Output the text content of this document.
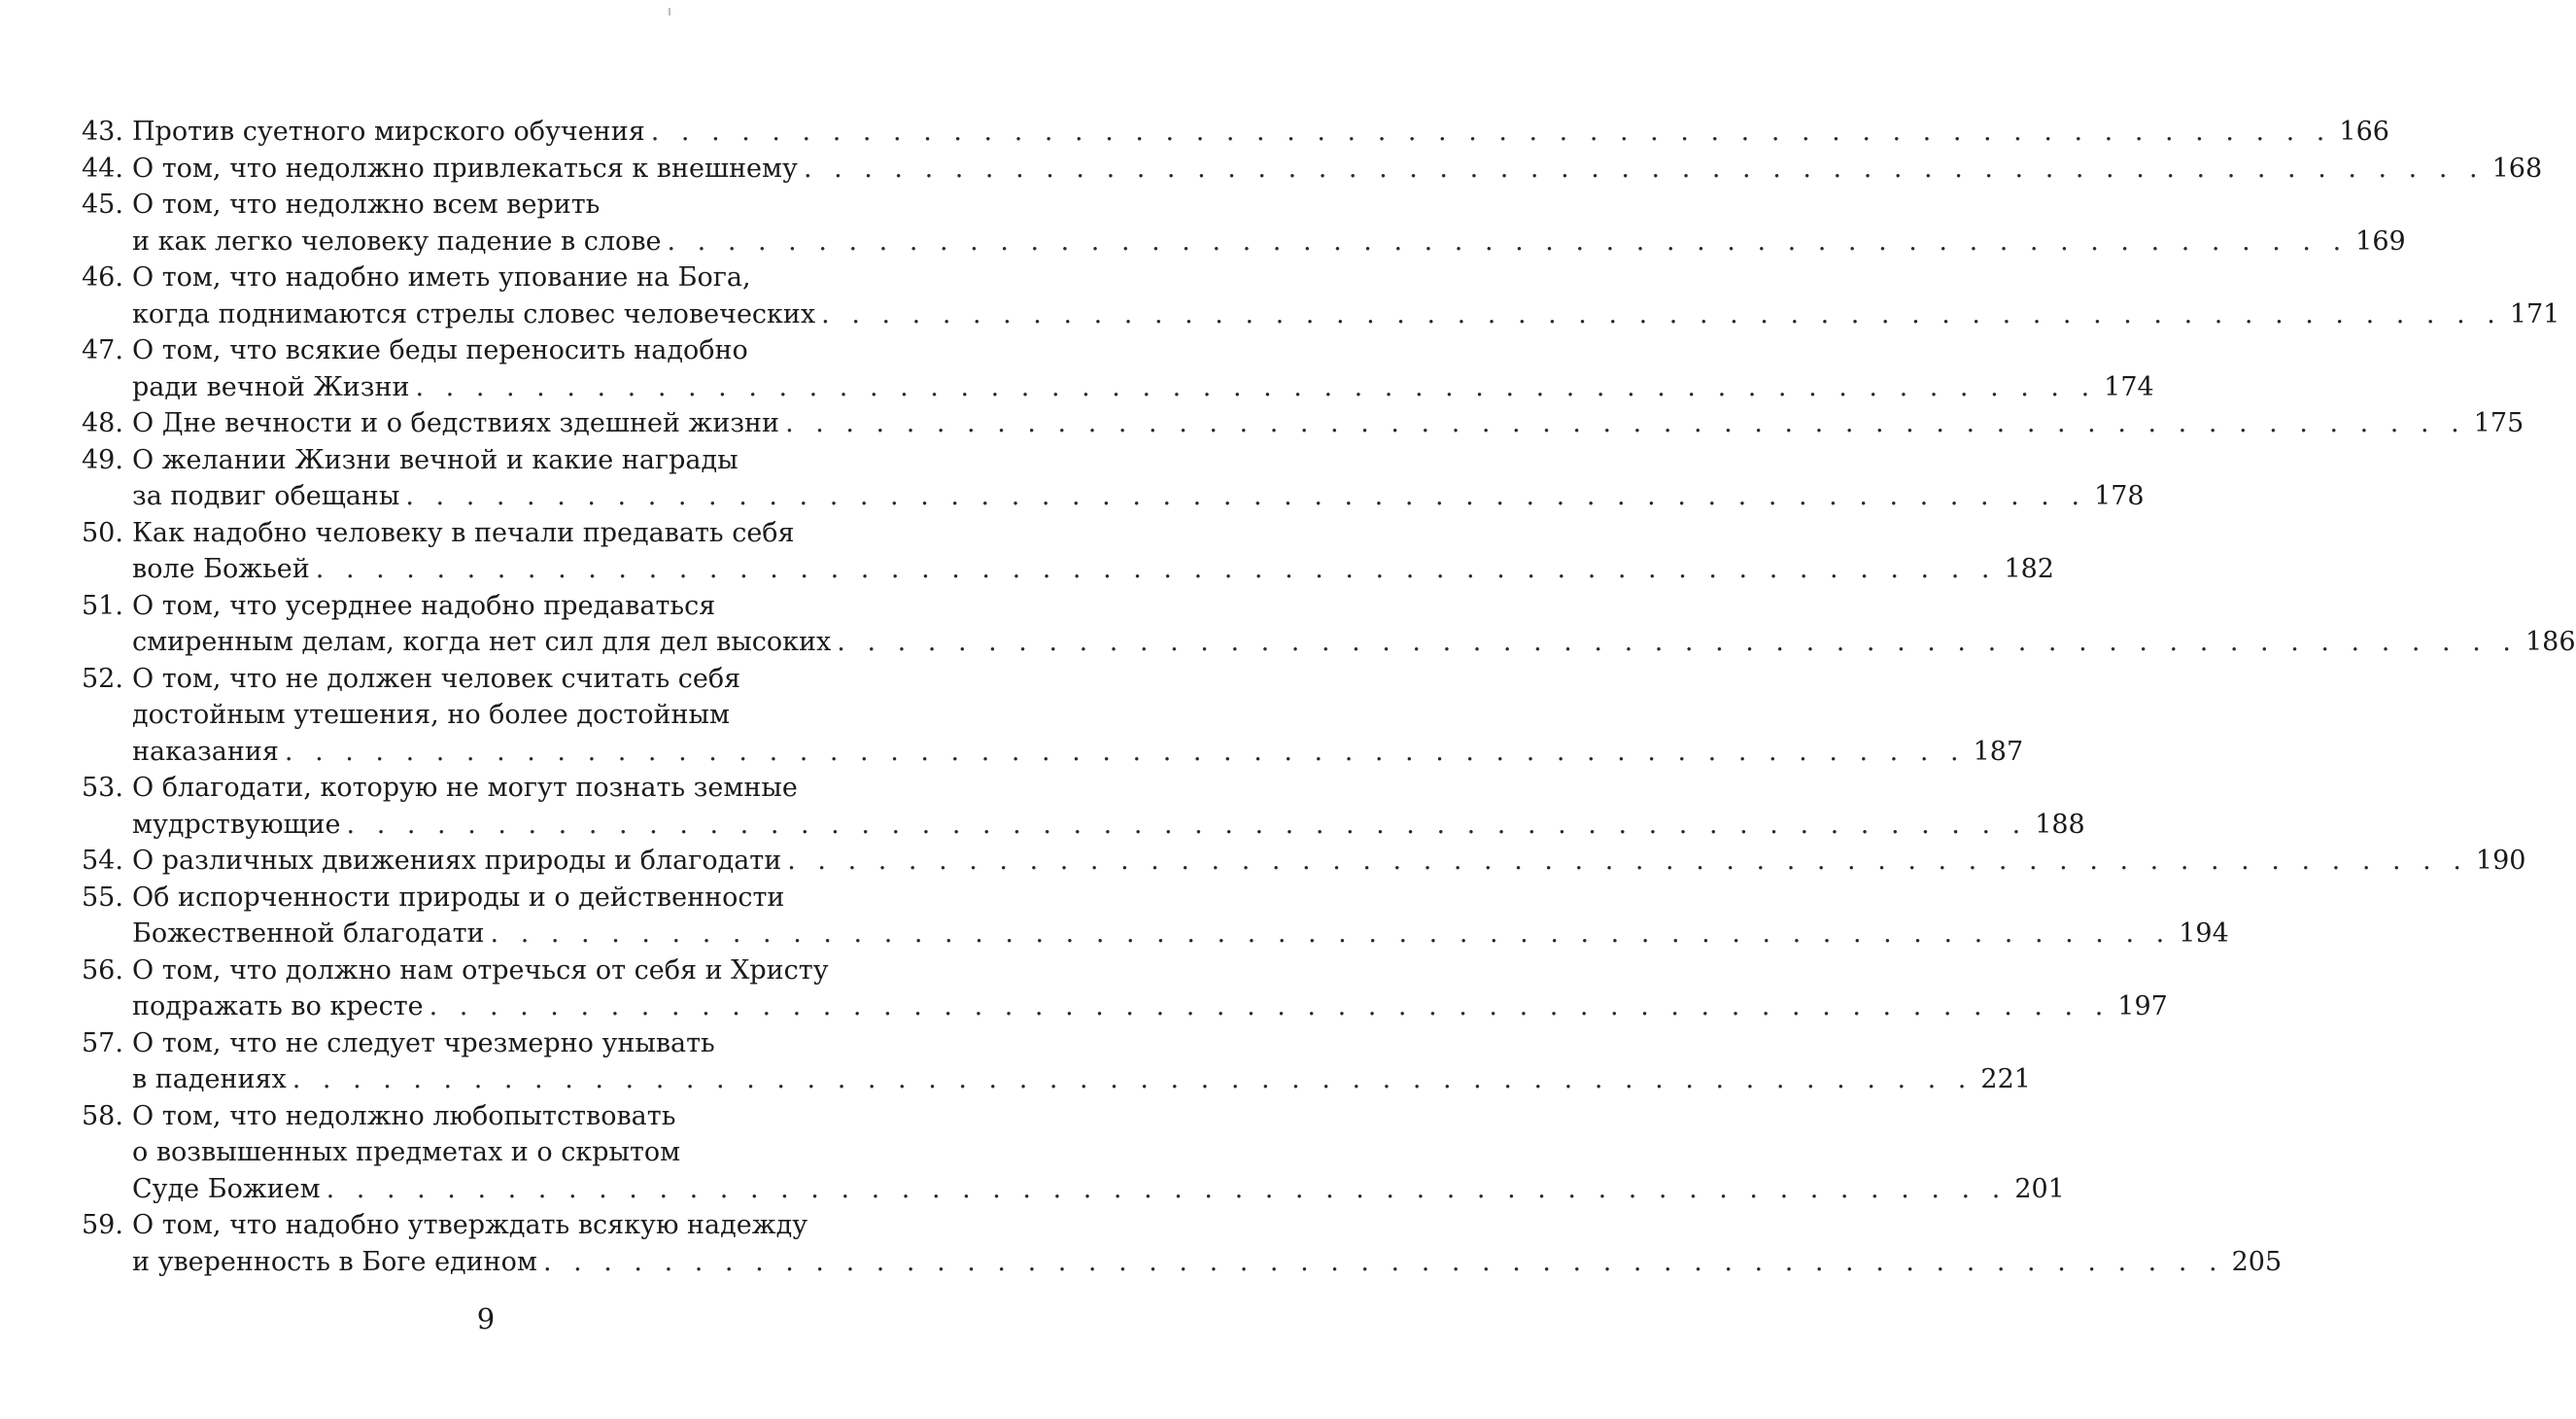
43. Против суетного мирского обучения . . . . . . . . . . . . . . . . . . . . . . . . . . . . . . . . . . . . . . . . . . . . . . . . . . . . . . . . 166
44. О том, что недолжно привлекаться к внешнему . . . . . . . . . . . . . . . . . . . . . . . . . . . . . . . . . . . . . . . . . . . . . . . . . . . . . . . . 168
45. О том, что недолжно всем верить
и как легко человеку падение в слове . . . . . . . . . . . . . . . . . . . . . . . . . . . . . . . . . . . . . . . . . . . . . . . . . . . . . . . . 169
46. О том, что надобно иметь упование на Бога,
когда поднимаются стрелы словес человеческих . . . . . . . . . . . . . . . . . . . . . . . . . . . . . . . . . . . . . . . . . . . . . . . . . . . . . . . . 171
47. О том, что всякие беды переносить надобно
ради вечной Жизни . . . . . . . . . . . . . . . . . . . . . . . . . . . . . . . . . . . . . . . . . . . . . . . . . . . . . . . . 174
48. О Дне вечности и о бедствиях здешней жизни . . . . . . . . . . . . . . . . . . . . . . . . . . . . . . . . . . . . . . . . . . . . . . . . . . . . . . . . 175
49. О желании Жизни вечной и какие награды
за подвиг обещаны . . . . . . . . . . . . . . . . . . . . . . . . . . . . . . . . . . . . . . . . . . . . . . . . . . . . . . . . 178
50. Как надобно человеку в печали предавать себя
воле Божьей . . . . . . . . . . . . . . . . . . . . . . . . . . . . . . . . . . . . . . . . . . . . . . . . . . . . . . . . 182
51. О том, что усерднее надобно предаваться
смиренным делам, когда нет сил для дел высоких . . . . . . . . . . . . . . . . . . . . . . . . . . . . . . . . . . . . . . . . . . . . . . . . . . . . . . . . 186
52. О том, что не должен человек считать себя
достойным утешения, но более достойным
наказания . . . . . . . . . . . . . . . . . . . . . . . . . . . . . . . . . . . . . . . . . . . . . . . . . . . . . . . . 187
53. О благодати, которую не могут познать земные
мудрствующие . . . . . . . . . . . . . . . . . . . . . . . . . . . . . . . . . . . . . . . . . . . . . . . . . . . . . . . . 188
54. О различных движениях природы и благодати . . . . . . . . . . . . . . . . . . . . . . . . . . . . . . . . . . . . . . . . . . . . . . . . . . . . . . . . 190
55. Об испорченности природы и о действенности
Божественной благодати . . . . . . . . . . . . . . . . . . . . . . . . . . . . . . . . . . . . . . . . . . . . . . . . . . . . . . . . 194
56. О том, что должно нам отречься от себя и Христу
подражать во кресте . . . . . . . . . . . . . . . . . . . . . . . . . . . . . . . . . . . . . . . . . . . . . . . . . . . . . . . . 197
57. О том, что не следует чрезмерно унывать
в падениях . . . . . . . . . . . . . . . . . . . . . . . . . . . . . . . . . . . . . . . . . . . . . . . . . . . . . . . . 221
58. О том, что недолжно любопытствовать
о возвышенных предметах и о скрытом
Суде Божием . . . . . . . . . . . . . . . . . . . . . . . . . . . . . . . . . . . . . . . . . . . . . . . . . . . . . . . . 201
59. О том, что надобно утверждать всякую надежду
и уверенность в Боге едином . . . . . . . . . . . . . . . . . . . . . . . . . . . . . . . . . . . . . . . . . . . . . . . . . . . . . . . . 205
9
